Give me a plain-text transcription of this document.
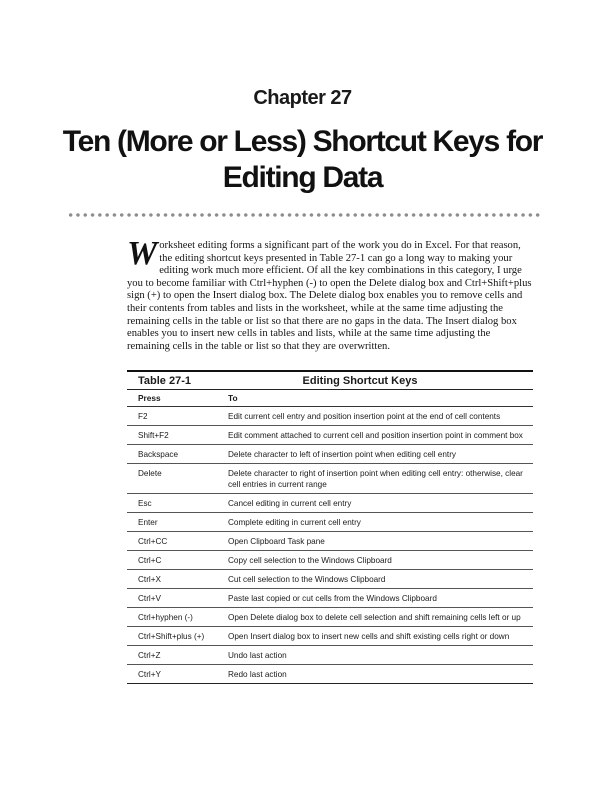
Chapter 27
Ten (More or Less) Shortcut Keys for Editing Data

Worksheet editing forms a significant part of the work you do in Excel. For that reason, the editing shortcut keys presented in Table 27-1 can go a long way to making your editing work much more efficient. Of all the key combinations in this category, I urge you to become familiar with Ctrl+hyphen (-) to open the Delete dialog box and Ctrl+Shift+plus sign (+) to open the Insert dialog box. The Delete dialog box enables you to remove cells and their contents from tables and lists in the worksheet, while at the same time adjusting the remaining cells in the table or list so that there are no gaps in the data. The Insert dialog box enables you to insert new cells in tables and lists, while at the same time adjusting the remaining cells in the table or list so that they are overwritten.

Table 27-1	Editing Shortcut Keys
Press	To
F2	Edit current cell entry and position insertion point at the end of cell contents
Shift+F2	Edit comment attached to current cell and position insertion point in comment box
Backspace	Delete character to left of insertion point when editing cell entry
Delete	Delete character to right of insertion point when editing cell entry: otherwise, clear cell entries in current range
Esc	Cancel editing in current cell entry
Enter	Complete editing in current cell entry
Ctrl+CC	Open Clipboard Task pane
Ctrl+C	Copy cell selection to the Windows Clipboard
Ctrl+X	Cut cell selection to the Windows Clipboard
Ctrl+V	Paste last copied or cut cells from the Windows Clipboard
Ctrl+hyphen (-)	Open Delete dialog box to delete cell selection and shift remaining cells left or up
Ctrl+Shift+plus (+)	Open Insert dialog box to insert new cells and shift existing cells right or down
Ctrl+Z	Undo last action
Ctrl+Y	Redo last action
